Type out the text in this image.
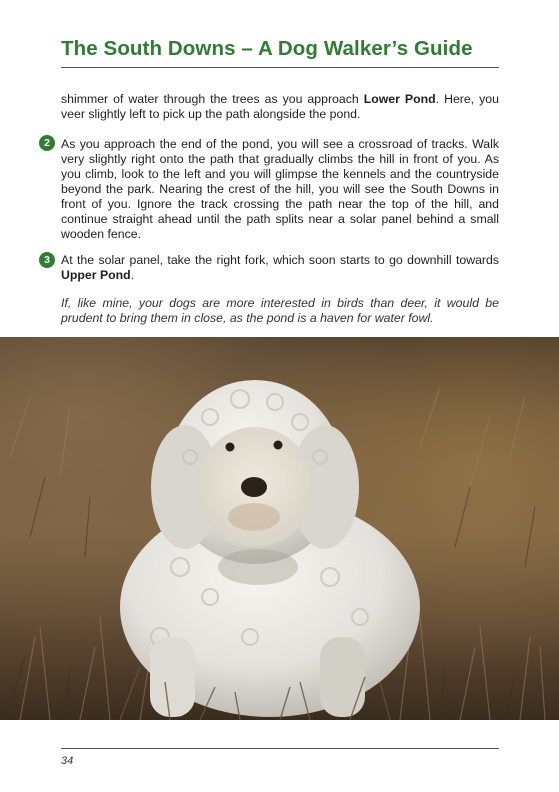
The South Downs – A Dog Walker’s Guide

shimmer of water through the trees as you approach Lower Pond. Here, you veer slightly left to pick up the path alongside the pond.

2 As you approach the end of the pond, you will see a crossroad of tracks. Walk very slightly right onto the path that gradually climbs the hill in front of you. As you climb, look to the left and you will glimpse the kennels and the countryside beyond the park. Nearing the crest of the hill, you will see the South Downs in front of you. Ignore the track crossing the path near the top of the hill, and continue straight ahead until the path splits near a solar panel behind a small wooden fence.

3 At the solar panel, take the right fork, which soon starts to go downhill towards Upper Pond.

If, like mine, your dogs are more interested in birds than deer, it would be prudent to bring them in close, as the pond is a haven for water fowl.

34
